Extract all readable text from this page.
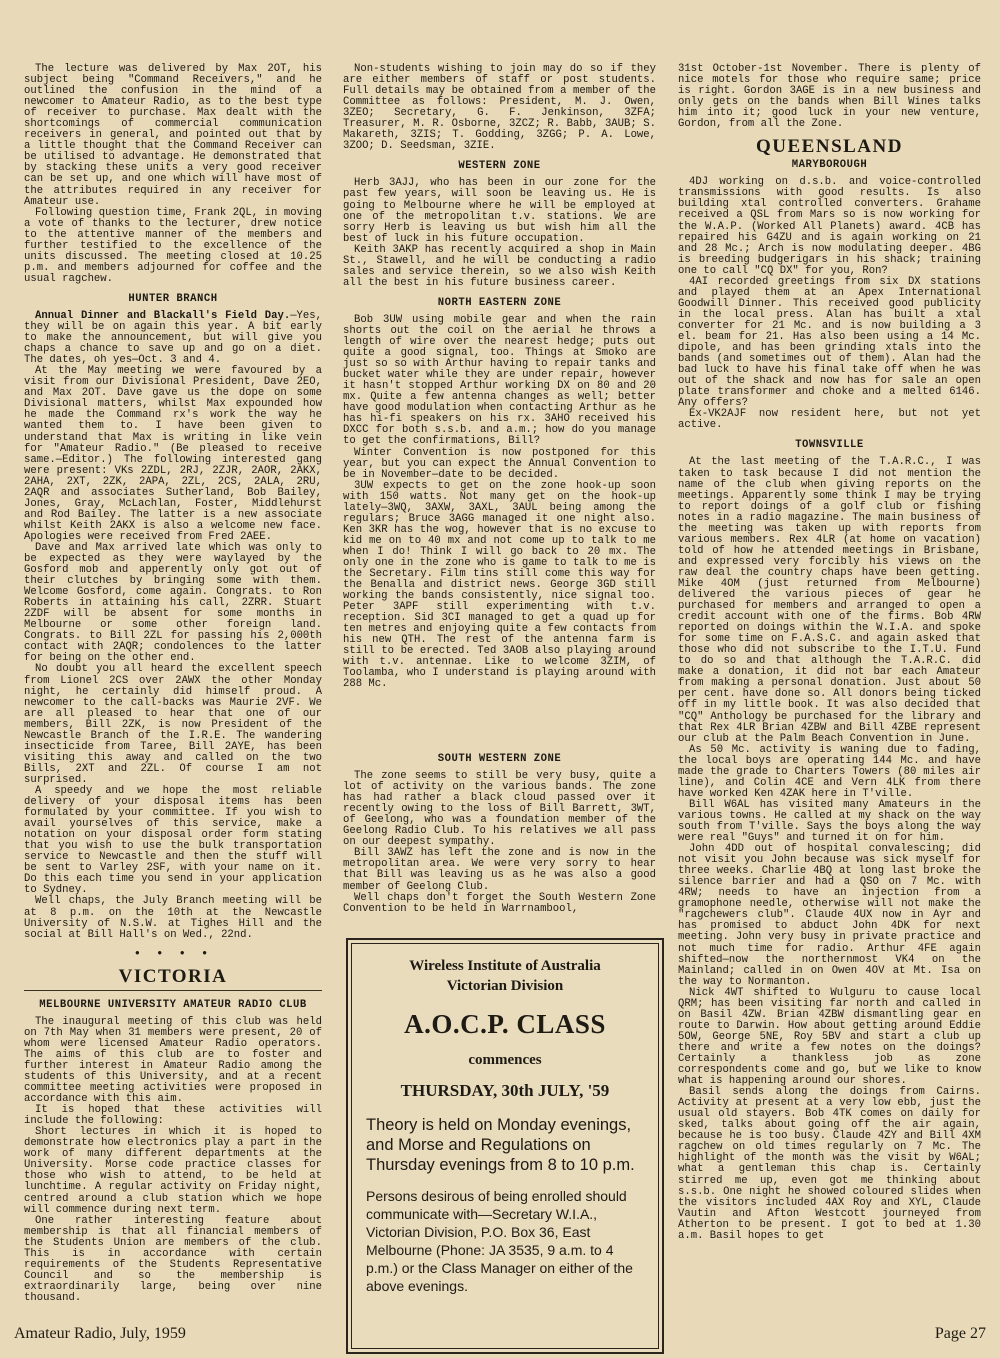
The lecture was delivered by Max 2OT, his subject being "Command Receivers," and he outlined the confusion in the mind of a newcomer to Amateur Radio, as to the best type of receiver to purchase. Max dealt with the shortcomings of commercial communication receivers in general, and pointed out that by a little thought that the Command Receiver can be utilised to advantage. He demonstrated that by stacking these units a very good receiver can be set up, and one which will have most of the attributes required in any receiver for Amateur use.

Following question time, Frank 2QL, in moving a vote of thanks to the lecturer, drew notice to the attentive manner of the members and further testified to the excellence of the units discussed. The meeting closed at 10.25 p.m. and members adjourned for coffee and the usual ragchew.

HUNTER BRANCH

Annual Dinner and Blackall's Field Day.—Yes, they will be on again this year. A bit early to make the announcement, but will give you chaps a chance to save up and go on a diet. The dates, oh yes—Oct. 3 and 4.

At the May meeting we were favoured by a visit from our Divisional President, Dave 2EO, and Max 2OT. Dave gave us the dope on some Divisional matters, whilst Max expounded how he made the Command rx's work the way he wanted them to. I have been given to understand that Max is writing in like vein for "Amateur Radio." (Be pleased to receive same.—Editor.) The following interested gang were present: VKs 2ZDL, 2RJ, 2ZJR, 2AOR, 2AKX, 2AHA, 2XT, 2ZK, 2APA, 2ZL, 2CS, 2ALA, 2RU, 2AQR and associates Sutherland, Bob Bailey, Jones, Gray, McLachlan, Foster, Middlehurst and Rod Bailey. The latter is a new associate whilst Keith 2AKX is also a welcome new face. Apologies were received from Fred 2AEE.

Dave and Max arrived late which was only to be expected as they were waylayed by the Gosford mob and apperently only got out of their clutches by bringing some with them. Welcome Gosford, come again. Congrats. to Ron Roberts in attaining his call, 2ZRR. Stuart 2ZDF will be absent for some months in Melbourne or some other foreign land. Congrats. to Bill 2ZL for passing his 2,000th contact with 2AQR; condolences to the latter for being on the other end.

No doubt you all heard the excellent speech from Lionel 2CS over 2AWX the other Monday night, he certainly did himself proud. A newcomer to the call-backs was Maurie 2VF. We are all pleased to hear that one of our members, Bill 2ZK, is now President of the Newcastle Branch of the I.R.E. The wandering insecticide from Taree, Bill 2AYE, has been visiting this away and called on the two Bills, 2XT and 2ZL. Of course I am not surprised.

A speedy and we hope the most reliable delivery of your disposal items has been formulated by your committee. If you wish to avail yourselves of this service, make a notation on your disposal order form stating that you wish to use the bulk transportation service to Newcastle and then the stuff will be sent to Varley 2SF, with your name on it. Do this each time you send in your application to Sydney.

Well chaps, the July Branch meeting will be at 8 p.m. on the 10th at the Newcastle University of N.S.W. at Tighes Hill and the social at Bill Hall's on Wed., 22nd.

• • • •
VICTORIA
MELBOURNE UNIVERSITY AMATEUR RADIO CLUB

The inaugural meeting of this club was held on 7th May when 31 members were present, 20 of whom were licensed Amateur Radio operators. The aims of this club are to foster and further interest in Amateur Radio among the students of this University, and at a recent committee meeting activities were proposed in accordance with this aim.

It is hoped that these activities will include the following:

Short lectures in which it is hoped to demonstrate how electronics play a part in the work of many different departments at the University. Morse code practice classes for those who wish to attend, to be held at lunchtime. A regular activity on Friday night, centred around a club station which we hope will commence during next term.

One rather interesting feature about membership is that all financial members of the Students Union are members of the club. This is in accordance with certain requirements of the Students Representative Council and so the membership is extraordinarily large, being over nine thousand.

Non-students wishing to join may do so if they are either members of staff or post students. Full details may be obtained from a member of the Committee as follows: President, M. J. Owen, 3ZEO; Secretary, G. F. Jenkinson, 3ZFA; Treasurer, M. R. Osborne, 3ZCZ; R. Babb, 3AUB; S. Makareth, 3ZIS; T. Godding, 3ZGG; P. A. Lowe, 3ZOO; D. Seedsman, 3ZIE.

WESTERN ZONE

Herb 3AJJ, who has been in our zone for the past few years, will soon be leaving us. He is going to Melbourne where he will be employed at one of the metropolitan t.v. stations. We are sorry Herb is leaving us but wish him all the best of luck in his future occupation.

Keith 3AKP has recently acquired a shop in Main St., Stawell, and he will be conducting a radio sales and service therein, so we also wish Keith all the best in his future business career.

NORTH EASTERN ZONE

Bob 3UW using mobile gear and when the rain shorts out the coil on the aerial he throws a length of wire over the nearest hedge; puts out quite a good signal, too. Things at Smoko are just so so with Arthur having to repair tanks and bucket water while they are under repair, however it hasn't stopped Arthur working DX on 80 and 20 mx. Quite a few antenna changes as well; better have good modulation when contacting Arthur as he has hi-fi speakers on his rx. 3AHO received his DXCC for both s.s.b. and a.m.; how do you manage to get the confirmations, Bill?

Winter Convention is now postponed for this year, but you can expect the Annual Convention to be in November—date to be decided.

3UW expects to get on the zone hook-up soon with 150 watts. Not many get on the hook-up lately—3WQ, 3AXW, 3AXL, 3AUL being among the regulars; Bruce 3AGG managed it one night also. Ken 3KR has the wog, however that is no excuse to kid me on to 40 mx and not come up to talk to me when I do! Think I will go back to 20 mx. The only one in the zone who is game to talk to me is the Secretary. Film tins still come this way for the Benalla and district news. George 3GD still working the bands consistently, nice signal too. Peter 3APF still experimenting with t.v. reception. Sid 3CI managed to get a quad up for ten metres and enjoying quite a few contacts from his new QTH. The rest of the antenna farm is still to be erected. Ted 3AOB also playing around with t.v. antennae. Like to welcome 3ZIM, of Toolamba, who I understand is playing around with 288 Mc.

SOUTH WESTERN ZONE

The zone seems to still be very busy, quite a lot of activity on the various bands. The zone has had rather a black cloud passed over it recently owing to the loss of Bill Barrett, 3WT, of Geelong, who was a foundation member of the Geelong Radio Club. To his relatives we all pass on our deepest sympathy.

Bill 3AWZ has left the zone and is now in the metropolitan area. We were very sorry to hear that Bill was leaving us as he was also a good member of Geelong Club.

Well chaps don't forget the South Western Zone Convention to be held in Warrnambool,

Wireless Institute of Australia
Victorian Division
A.O.C.P. CLASS
commences
THURSDAY, 30th JULY, '59
Theory is held on Monday evenings, and Morse and Regulations on Thursday evenings from 8 to 10 p.m.
Persons desirous of being enrolled should communicate with—Secretary W.I.A., Victorian Division, P.O. Box 36, East Melbourne (Phone: JA 3535, 9 a.m. to 4 p.m.) or the Class Manager on either of the above evenings.

31st October-1st November. There is plenty of nice motels for those who require same; price is right. Gordon 3AGE is in a new business and only gets on the bands when Bill Wines talks him into it; good luck in your new venture, Gordon, from all the Zone.

QUEENSLAND
MARYBOROUGH

4DJ working on d.s.b. and voice-controlled transmissions with good results. Is also building xtal controlled converters. Grahame received a QSL from Mars so is now working for the W.A.P. (Worked All Planets) award. 4CB has repaired his G4ZU and is again working on 21 and 28 Mc.; Arch is now modulating deeper. 4BG is breeding budgerigars in his shack; training one to call "CQ DX" for you, Ron?

4AI recorded greetings from six DX stations and played them at an Apex International Goodwill Dinner. This received good publicity in the local press. Alan has built a xtal converter for 21 Mc. and is now building a 3 el. beam for 21. Has also been using a 14 Mc. dipole, and has been grinding xtals into the bands (and sometimes out of them). Alan had the bad luck to have his final take off when he was out of the shack and now has for sale an open plate transformer and choke and a melted 6146. Any offers?

Ex-VK2AJF now resident here, but not yet active.

TOWNSVILLE

At the last meeting of the T.A.R.C., I was taken to task because I did not mention the name of the club when giving reports on the meetings. Apparently some think I may be trying to report doings of a golf club or fishing notes in a radio magazine. The main business of the meeting was taken up with reports from various members. Rex 4LR (at home on vacation) told of how he attended meetings in Brisbane, and expressed very forcibly his views on the raw deal the country chaps have been getting. Mike 4OM (just returned from Melbourne) delivered the various pieces of gear he purchased for members and arranged to open a credit account with one of the firms. Bob 4RW reported on doings within the W.I.A. and spoke for some time on F.A.S.C. and again asked that those who did not subscribe to the I.T.U. Fund to do so and that although the T.A.R.C. did make a donation, it did not bar each Amateur from making a personal donation. Just about 50 per cent. have done so. All donors being ticked off in my little book. It was also decided that "CQ" Anthology be purchased for the library and that Rex 4LR Brian 4ZBW and Bill 4ZBE represent our club at the Palm Beach Convention in June.

As 50 Mc. activity is waning due to fading, the local boys are operating 144 Mc. and have made the grade to Charters Towers (80 miles air line), and Colin 4CE and Vern 4LK from there have worked Ken 4ZAK here in T'ville.

Bill W6AL has visited many Amateurs in the various towns. He called at my shack on the way south from T'ville. Says the boys along the way were real "Guys" and turned it on for him.

John 4DD out of hospital convalescing; did not visit you John because was sick myself for three weeks. Charlie 4BQ at long last broke the silence barrier and had a QSO on 7 Mc. with 4RW; needs to have an injection from a gramophone needle, otherwise will not make the "ragchewers club". Claude 4UX now in Ayr and has promised to abduct John 4DK for next meeting. John very busy in private practice and not much time for radio. Arthur 4FE again shifted—now the northernmost VK4 on the Mainland; called in on Owen 4OV at Mt. Isa on the way to Normanton.

Nick 4WT shifted to Wulguru to cause local QRM; has been visiting far north and called in on Basil 4ZW. Brian 4ZBW dismantling gear en route to Darwin. How about getting around Eddie 5OW, George 5NE, Roy 5BV and start a club up there and write a few notes on the doings? Certainly a thankless job as zone correspondents come and go, but we like to know what is happening around our shores.

Basil sends along the doings from Cairns. Activity at present at a very low ebb, just the usual old stayers. Bob 4TK comes on daily for sked, talks about going off the air again, because he is too busy. Claude 4ZY and Bill 4XM ragchew on old times regularly on 7 Mc. The highlight of the month was the visit by W6AL; what a gentleman this chap is. Certainly stirred me up, even got me thinking about s.s.b. One night he showed coloured slides when the visitors included 4AX Roy and XYL, Claude Vautin and Afton Westcott journeyed from Atherton to be present. I got to bed at 1.30 a.m. Basil hopes to get

Amateur Radio, July, 1959	Page 27
